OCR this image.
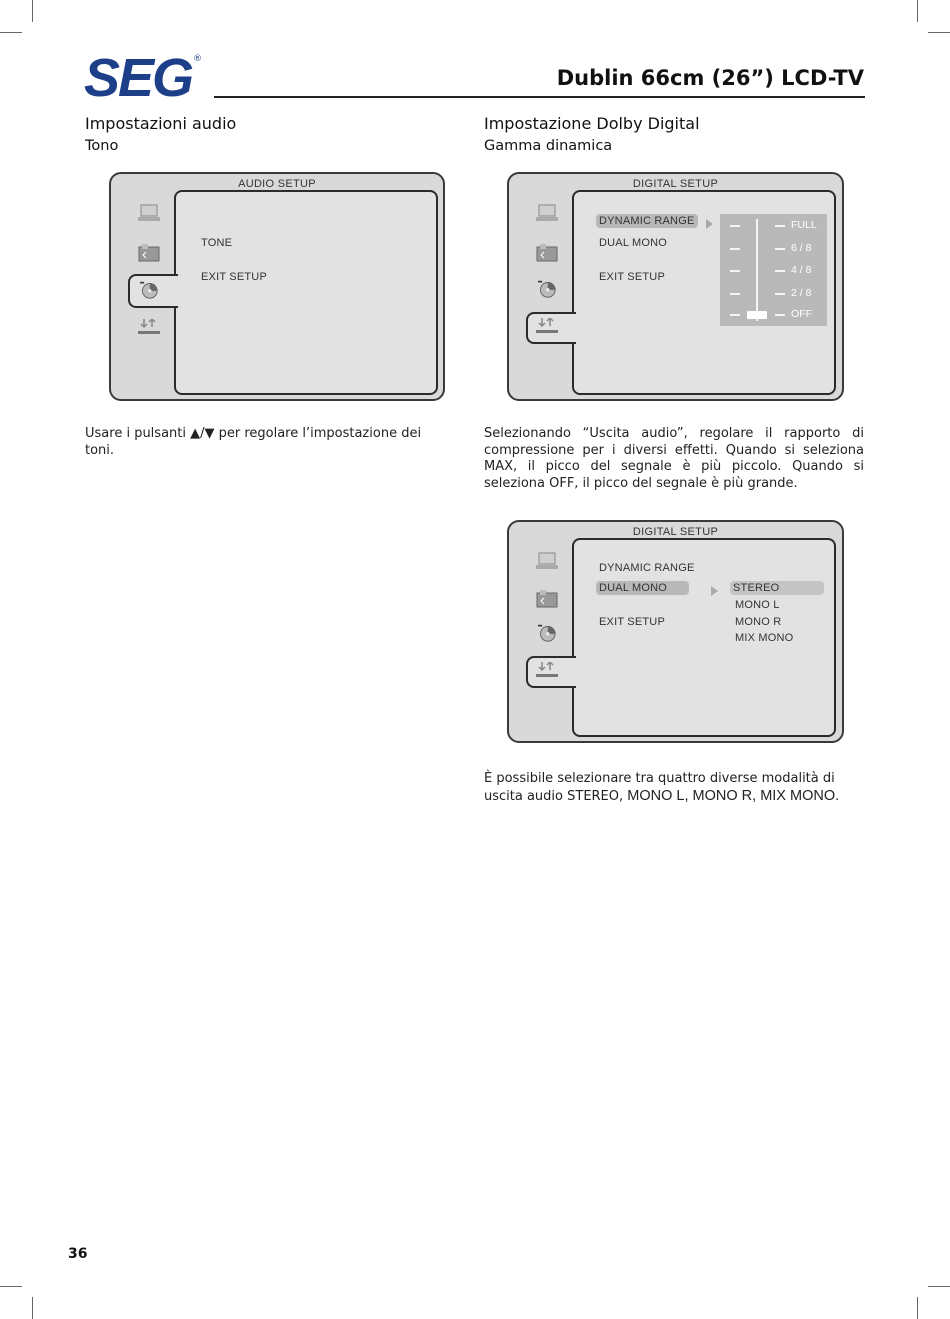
SEG ®
Dublin 66cm (26”) LCD-TV
Impostazioni audio
Tono
AUDIO SETUP
TONE
EXIT SETUP
Usare i pulsanti ▲/▼ per regolare l’impostazione dei toni.
Impostazione Dolby Digital
Gamma dinamica
DIGITAL SETUP
DYNAMIC RANGE
DUAL MONO
EXIT SETUP
FULL
6 / 8
4 / 8
2 / 8
OFF
Selezionando “Uscita audio”, regolare il rapporto di compressione per i diversi effetti. Quando si seleziona MAX, il picco del segnale è più piccolo. Quando si seleziona OFF, il picco del segnale è più grande.
DIGITAL SETUP
DYNAMIC RANGE
DUAL MONO
EXIT SETUP
STEREO
MONO L
MONO R
MIX MONO
È possibile selezionare tra quattro diverse modalità di uscita audio STEREO, MONO L, MONO R, MIX MONO.
36
